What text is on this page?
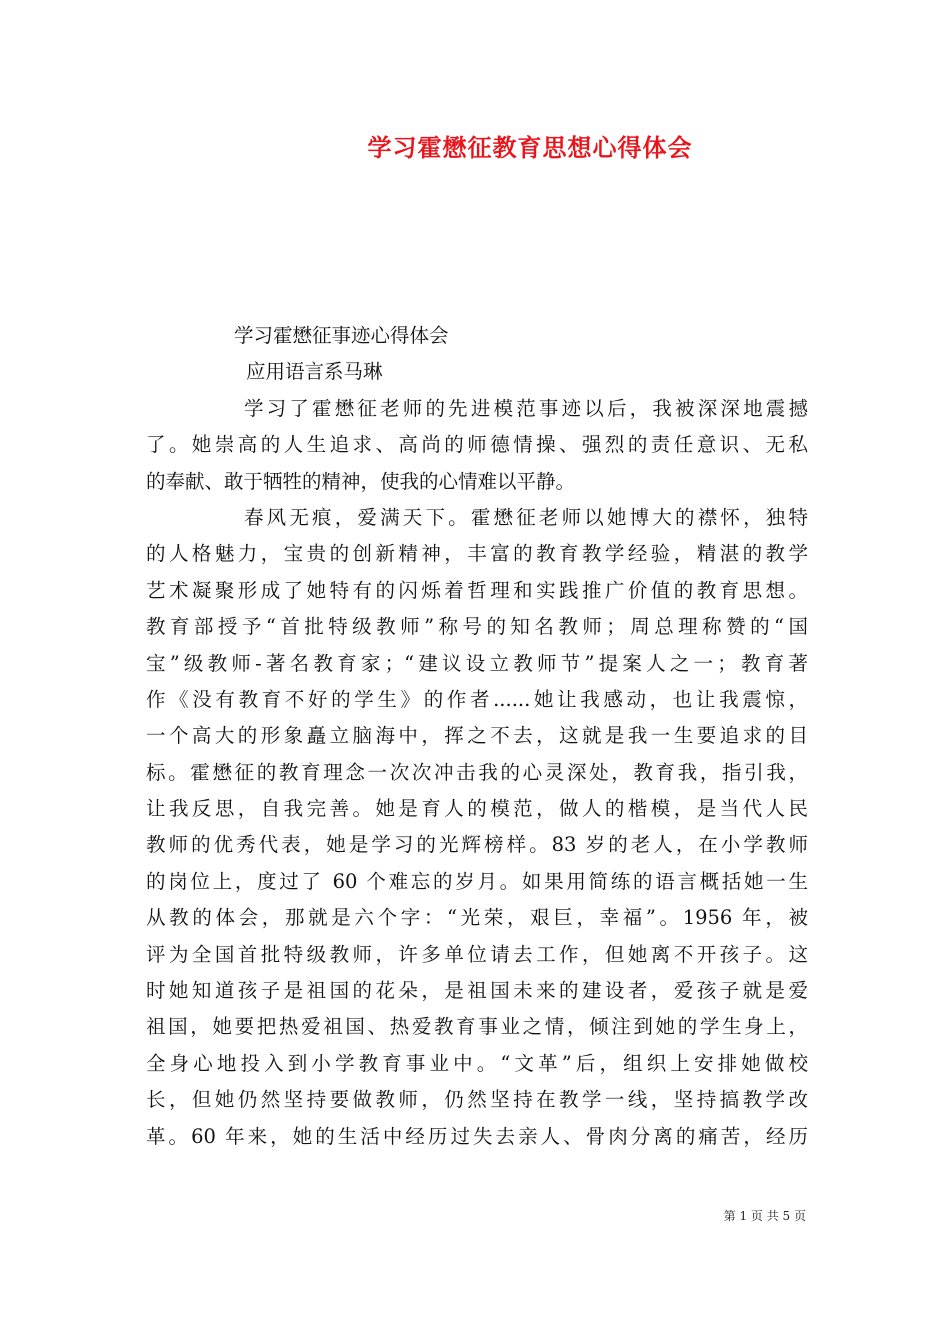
学习霍懋征教育思想心得体会
学习霍懋征事迹心得体会
应用语言系马琳
学习了霍懋征老师的先进模范事迹以后，我被深深地震撼
了。她崇高的人生追求、高尚的师德情操、强烈的责任意识、无私
的奉献、敢于牺牲的精神，使我的心情难以平静。
春风无痕，爱满天下。霍懋征老师以她博大的襟怀，独特
的人格魅力，宝贵的创新精神，丰富的教育教学经验，精湛的教学
艺术凝聚形成了她特有的闪烁着哲理和实践推广价值的教育思想。
教育部授予“首批特级教师”称号的知名教师；周总理称赞的“国
宝”级教师-著名教育家；“建议设立教师节”提案人之一；教育著
作《没有教育不好的学生》的作者......她让我感动，也让我震惊，
一个高大的形象矗立脑海中，挥之不去，这就是我一生要追求的目
标。霍懋征的教育理念一次次冲击我的心灵深处，教育我，指引我，
让我反思，自我完善。她是育人的模范，做人的楷模，是当代人民
教师的优秀代表，她是学习的光辉榜样。83 岁的老人，在小学教师
的岗位上，度过了 60 个难忘的岁月。如果用简练的语言概括她一生
从教的体会，那就是六个字：“光荣，艰巨，幸福”。1956 年，被
评为全国首批特级教师，许多单位请去工作，但她离不开孩子。这
时她知道孩子是祖国的花朵，是祖国未来的建设者，爱孩子就是爱
祖国，她要把热爱祖国、热爱教育事业之情，倾注到她的学生身上，
全身心地投入到小学教育事业中。“文革”后，组织上安排她做校
长，但她仍然坚持要做教师，仍然坚持在教学一线，坚持搞教学改
革。60 年来，她的生活中经历过失去亲人、骨肉分离的痛苦，经历
第 1 页 共 5 页
